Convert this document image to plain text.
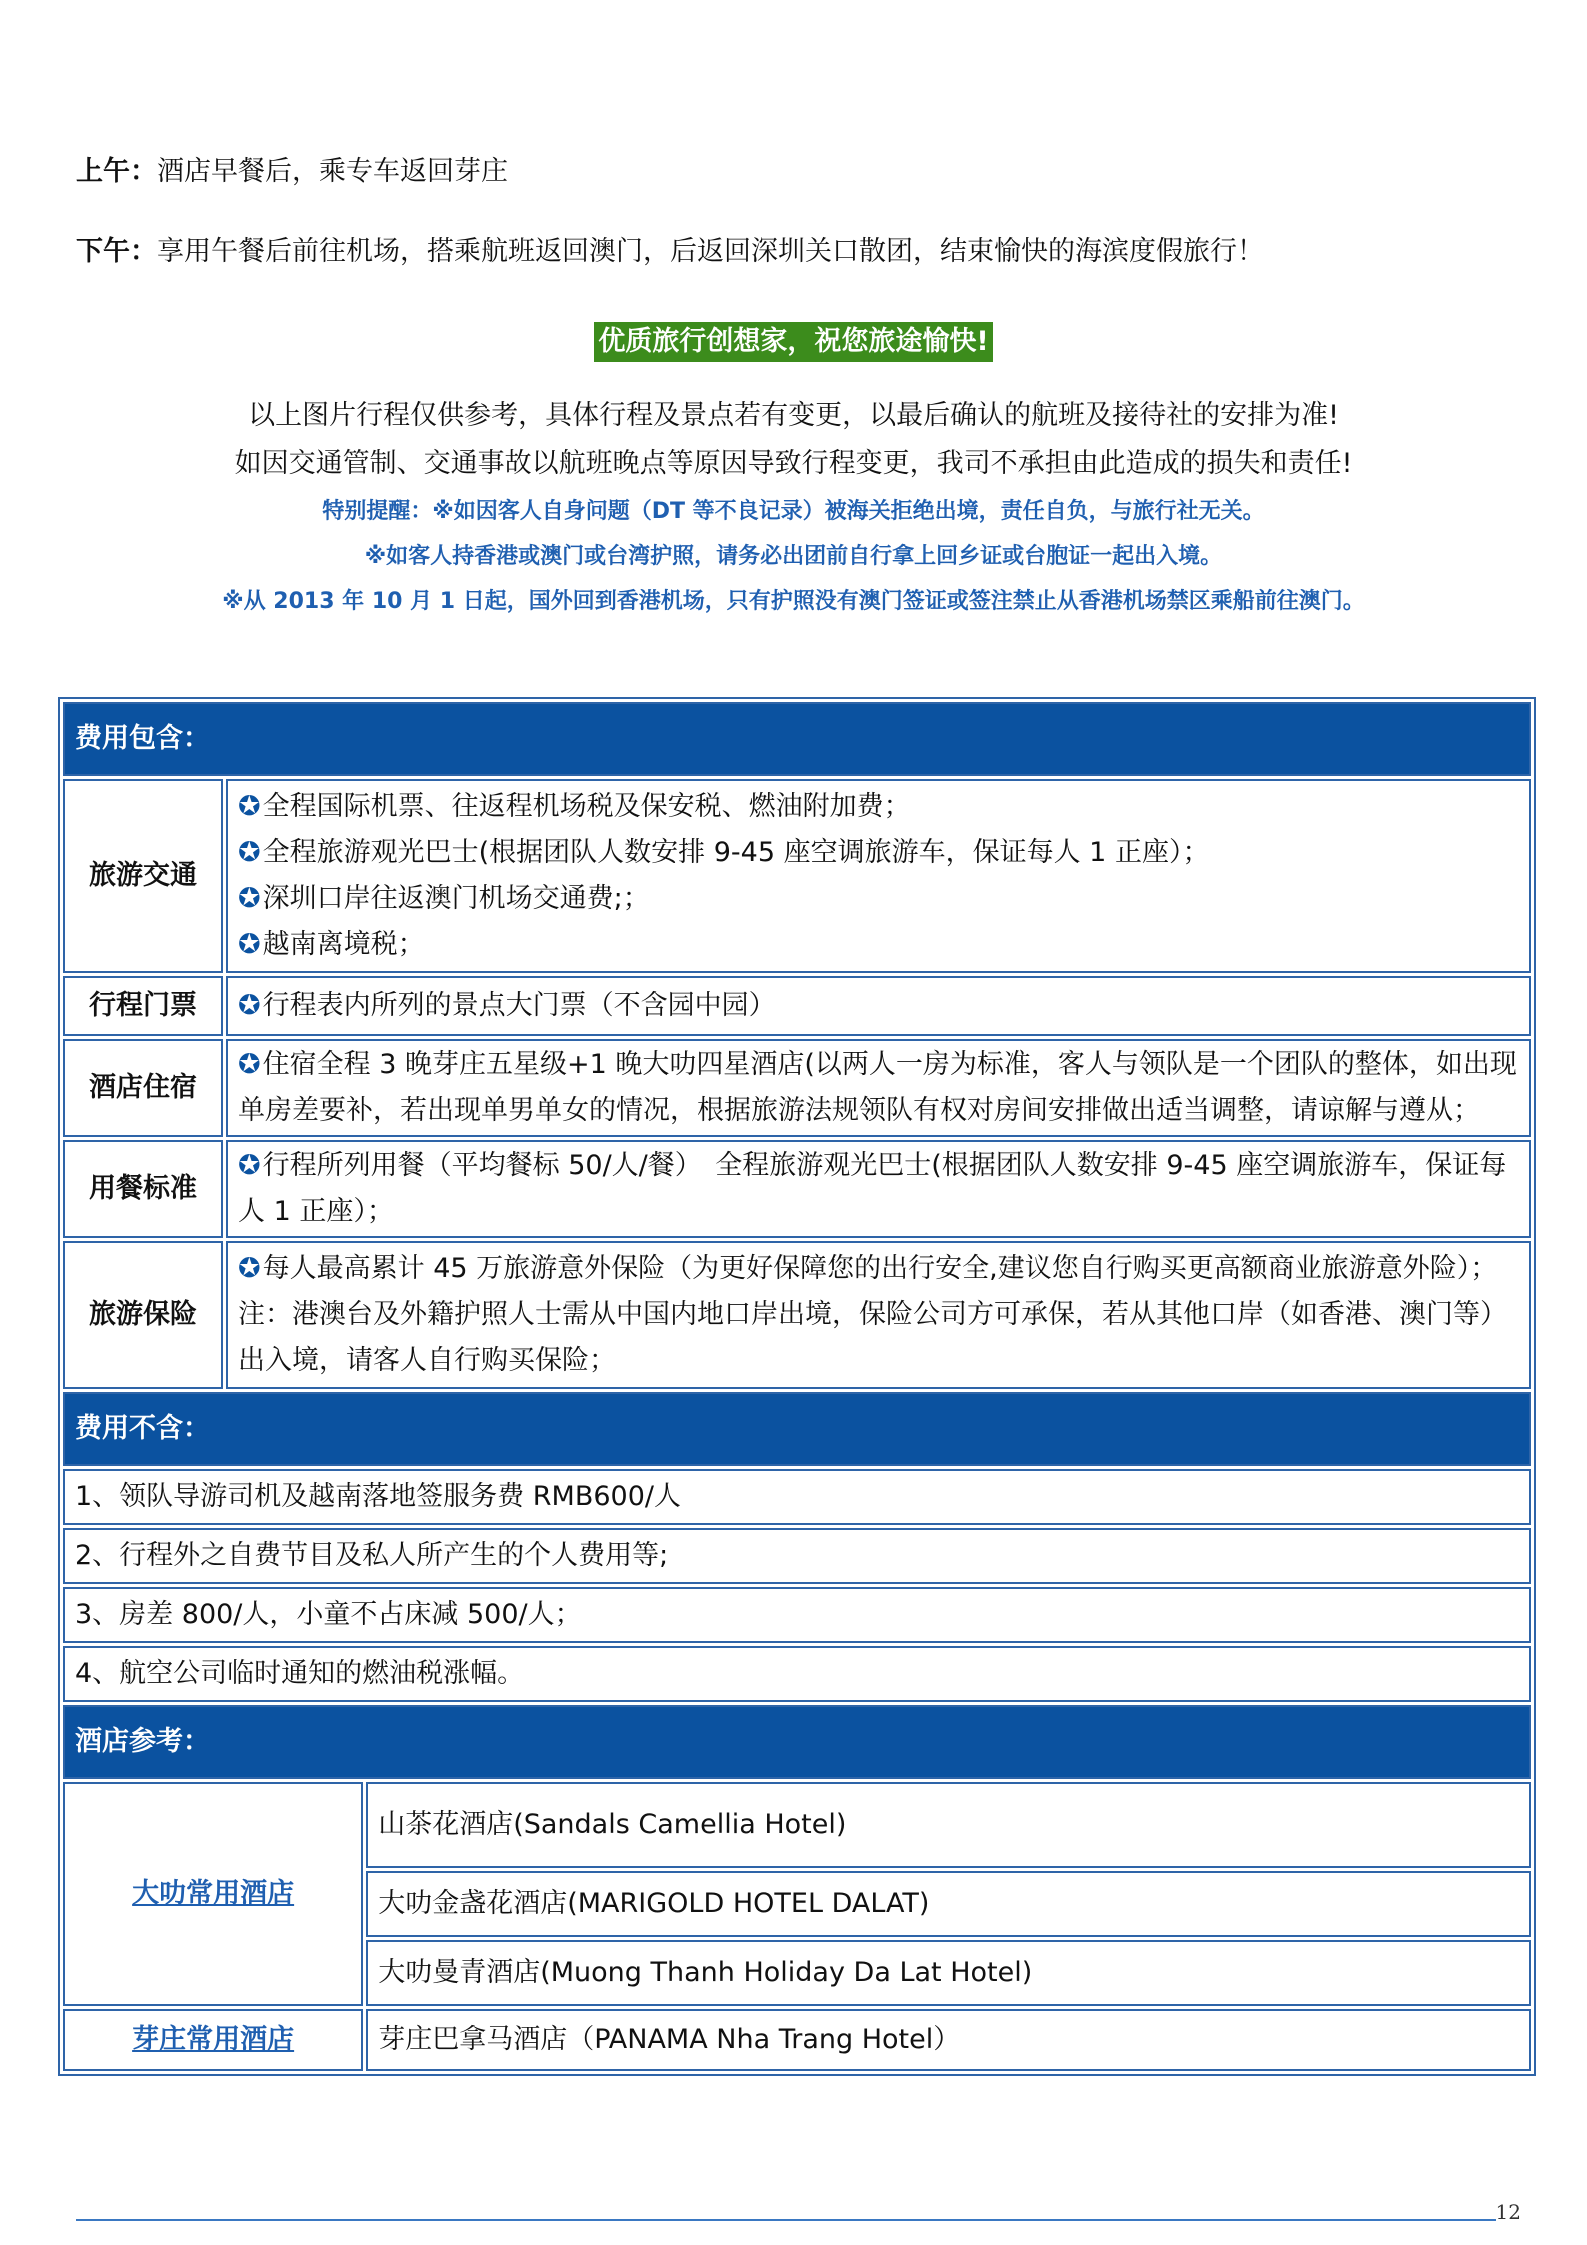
上午：酒店早餐后，乘专车返回芽庄
下午：享用午餐后前往机场，搭乘航班返回澳门，后返回深圳关口散团，结束愉快的海滨度假旅行！
优质旅行创想家，祝您旅途愉快!
以上图片行程仅供参考，具体行程及景点若有变更，以最后确认的航班及接待社的安排为准!
如因交通管制、交通事故以航班晚点等原因导致行程变更，我司不承担由此造成的损失和责任!
特别提醒：※如因客人自身问题（DT 等不良记录）被海关拒绝出境，责任自负，与旅行社无关。
※如客人持香港或澳门或台湾护照，请务必出团前自行拿上回乡证或台胞证一起出入境。
※从 2013 年 10 月 1 日起，国外回到香港机场，只有护照没有澳门签证或签注禁止从香港机场禁区乘船前往澳门。
费用包含：		
旅游交通	✪全程国际机票、往返程机场税及保安税、燃油附加费；
✪全程旅游观光巴士(根据团队人数安排 9-45 座空调旅游车，保证每人 1 正座）；
✪深圳口岸往返澳门机场交通费;；
✪越南离境税；	

行程门票	✪行程表内所列的景点大门票（不含园中园）	
酒店住宿	✪住宿全程 3 晚芽庄五星级+1 晚大叻四星酒店(以两人一房为标准，客人与领队是一个团队的整体，如出现单房差要补，若出现单男单女的情况，根据旅游法规领队有权对房间安排做出适当调整，请谅解与遵从；	
用餐标准	✪行程所列用餐（平均餐标 50/人/餐）　全程旅游观光巴士(根据团队人数安排 9-45 座空调旅游车，保证每人 1 正座）；	
旅游保险	✪每人最高累计 45 万旅游意外保险（为更好保障您的出行安全,建议您自行购买更高额商业旅游意外险）；
注：港澳台及外籍护照人士需从中国内地口岸出境，保险公司方可承保，若从其他口岸（如香港、澳门等）出入境，请客人自行购买保险；	

费用不含：		
1、领队导游司机及越南落地签服务费 RMB600/人		
2、行程外之自费节目及私人所产生的个人费用等;		
3、房差 800/人，小童不占床减 500/人；		
4、航空公司临时通知的燃油税涨幅。		
酒店参考：		
大叻常用酒店		山茶花酒店(Sandals Camellia Hotel)
		大叻金盏花酒店(MARIGOLD HOTEL DALAT)
		大叻曼青酒店(Muong Thanh Holiday Da Lat Hotel)
芽庄常用酒店		芽庄巴拿马酒店（PANAMA Nha Trang Hotel）
12
